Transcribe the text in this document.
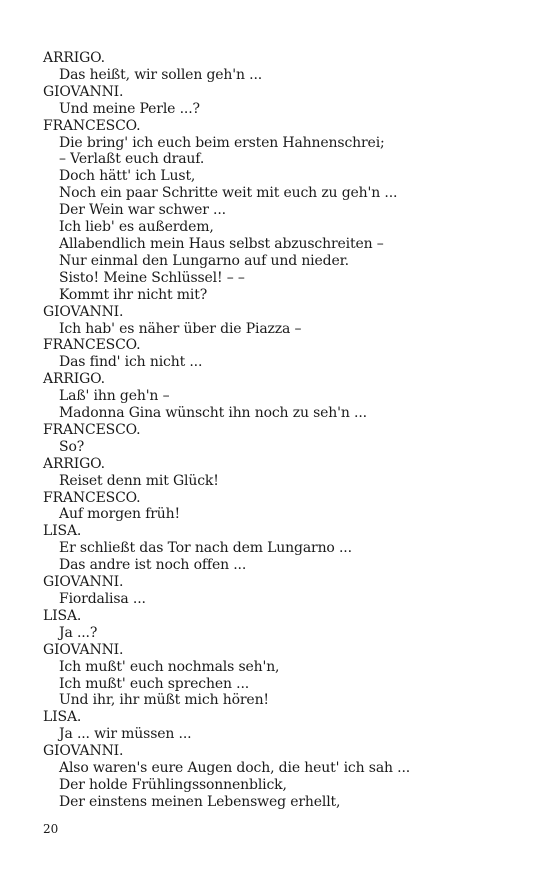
ARRIGO.
Das heißt, wir sollen geh'n ...
GIOVANNI.
Und meine Perle ...?
FRANCESCO.
Die bring' ich euch beim ersten Hahnenschrei;
– Verlaßt euch drauf.
Doch hätt' ich Lust,
Noch ein paar Schritte weit mit euch zu geh'n ...
Der Wein war schwer ...
Ich lieb' es außerdem,
Allabendlich mein Haus selbst abzuschreiten –
Nur einmal den Lungarno auf und nieder.
Sisto! Meine Schlüssel! – –
Kommt ihr nicht mit?
GIOVANNI.
Ich hab' es näher über die Piazza –
FRANCESCO.
Das find' ich nicht ...
ARRIGO.
Laß' ihn geh'n –
Madonna Gina wünscht ihn noch zu seh'n ...
FRANCESCO.
So?
ARRIGO.
Reiset denn mit Glück!
FRANCESCO.
Auf morgen früh!
LISA.
Er schließt das Tor nach dem Lungarno ...
Das andre ist noch offen ...
GIOVANNI.
Fiordalisa ...
LISA.
Ja ...?
GIOVANNI.
Ich mußt' euch nochmals seh'n,
Ich mußt' euch sprechen ...
Und ihr, ihr müßt mich hören!
LISA.
Ja ... wir müssen ...
GIOVANNI.
Also waren's eure Augen doch, die heut' ich sah ...
Der holde Frühlingssonnenblick,
Der einstens meinen Lebensweg erhellt,
20
